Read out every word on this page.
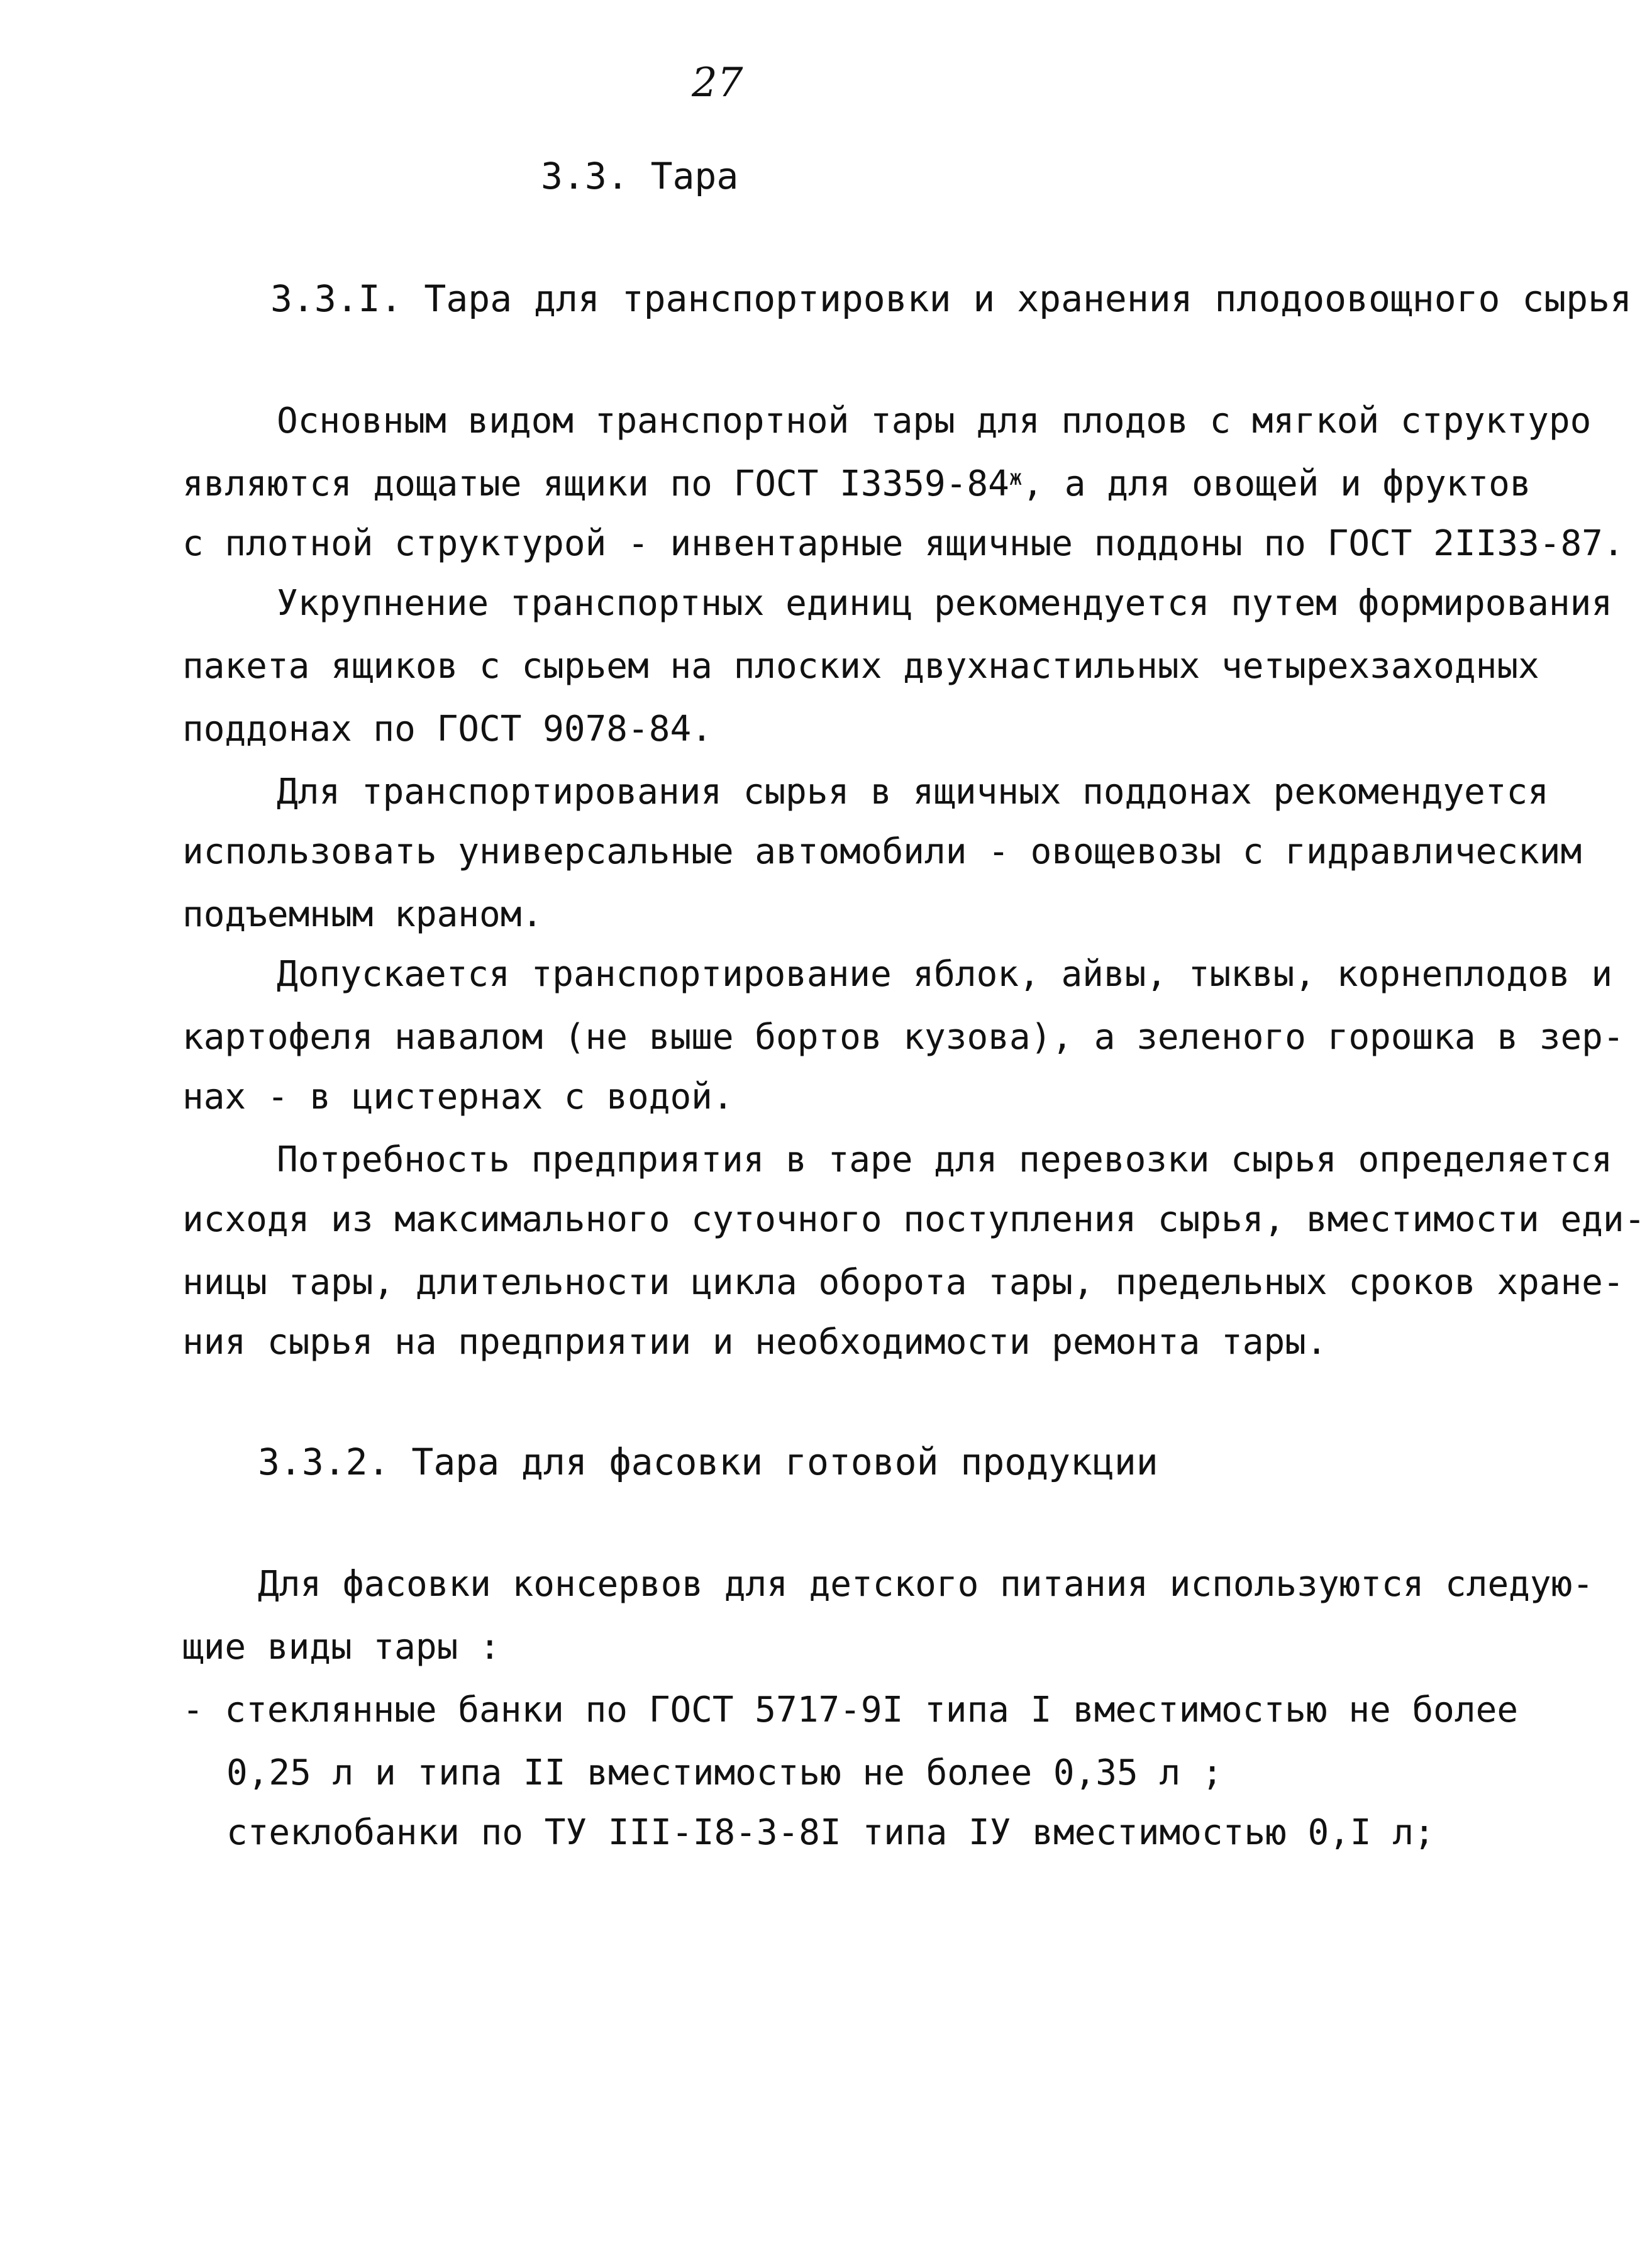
27
3.3. Тара
3.3.I. Тара для транспортировки и хранения плодоовощного сырья
Основным видом транспортной тары для плодов с мягкой структуро
являются дощатые ящики по ГОСТ $I3359-84^ж$, а для овощей и фруктов
с плотной структурой - инвентарные ящичные поддоны по ГОСТ 2II33-87.
Укрупнение транспортных единиц рекомендуется путем формирования
пакета ящиков с сырьем на плоских двухнастильных четырехзаходных
поддонах по ГОСТ 9078-84.
Для транспортирования сырья в ящичных поддонах рекомендуется
использовать универсальные автомобили - овощевозы с гидравлическим
подъемным краном.
Допускается транспортирование яблок, айвы, тыквы, корнеплодов и
картофеля навалом (не выше бортов кузова), а зеленого горошка в зер-
нах - в цистернах с водой.
Потребность предприятия в таре для перевозки сырья определяется
исходя из максимального суточного поступления сырья, вместимости еди-
ницы тары, длительности цикла оборота тары, предельных сроков хране-
ния сырья на предприятии и необходимости ремонта тары.
3.3.2. Тара для фасовки готовой продукции
Для фасовки консервов для детского питания используются следую-
щие виды тары :
- стеклянные банки по ГОСТ 5717-9I типа I вместимостью не более
0,25 л и типа II вместимостью не более 0,35 л ;
стеклобанки по ТУ III-I8-3-8I типа IУ вместимостью 0,I л;
